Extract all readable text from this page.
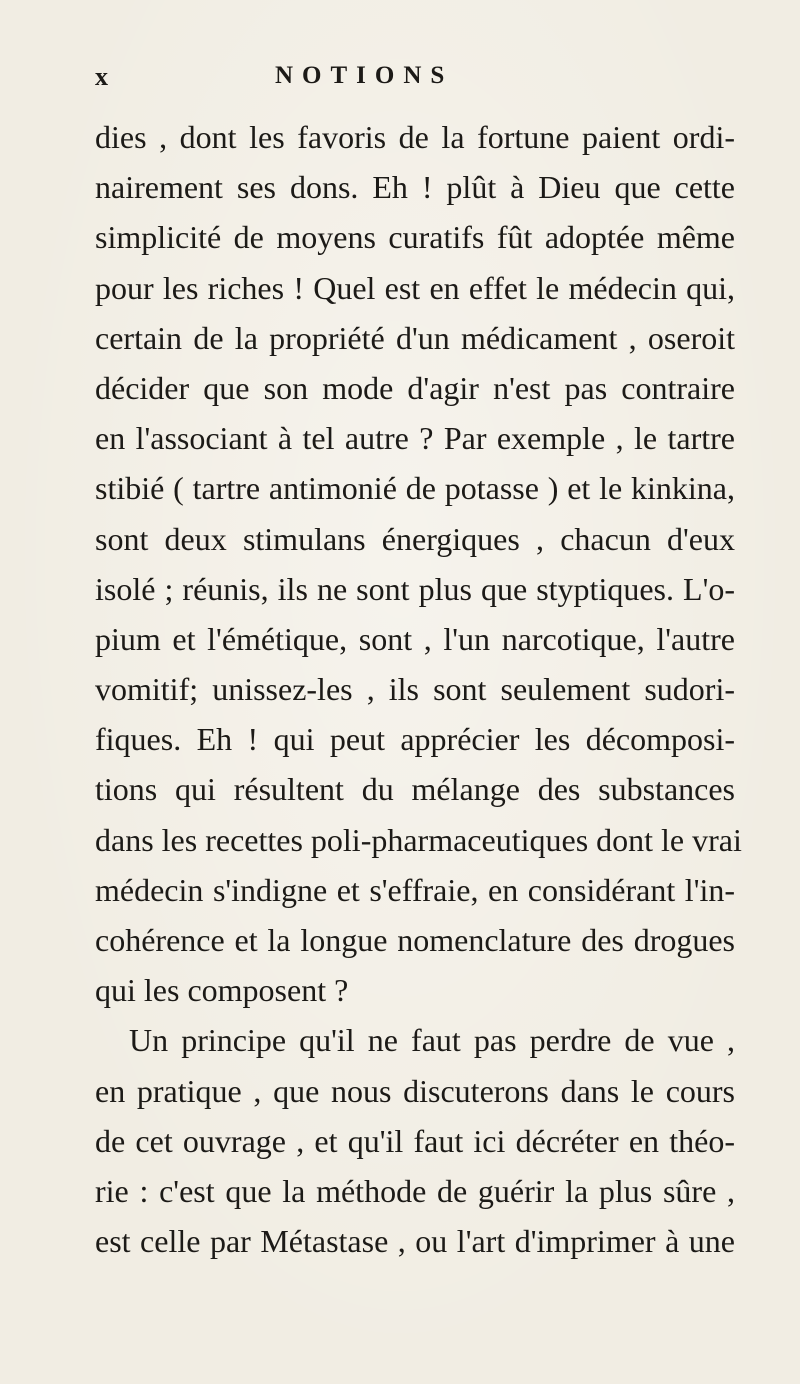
x	NOTIONS
dies , dont les favoris de la fortune paient ordi-
nairement ses dons. Eh ! plût à Dieu que cette
simplicité de moyens curatifs fût adoptée même
pour les riches ! Quel est en effet le médecin qui,
certain de la propriété d'un médicament , oseroit
décider que son mode d'agir n'est pas contraire
en l'associant à tel autre ? Par exemple , le tartre
stibié ( tartre antimonié de potasse ) et le kinkina,
sont deux stimulans énergiques , chacun d'eux
isolé ; réunis, ils ne sont plus que styptiques. L'o-
pium et l'émétique, sont , l'un narcotique, l'autre
vomitif; unissez-les , ils sont seulement sudori-
fiques. Eh ! qui peut apprécier les décomposi-
tions qui résultent du mélange des substances
dans les recettes poli-pharmaceutiques dont le vrai
médecin s'indigne et s'effraie, en considérant l'in-
cohérence et la longue nomenclature des drogues
qui les composent ?
Un principe qu'il ne faut pas perdre de vue ,
en pratique , que nous discuterons dans le cours
de cet ouvrage , et qu'il faut ici décréter en théo-
rie : c'est que la méthode de guérir la plus sûre ,
est celle par Métastase , ou l'art d'imprimer à une
